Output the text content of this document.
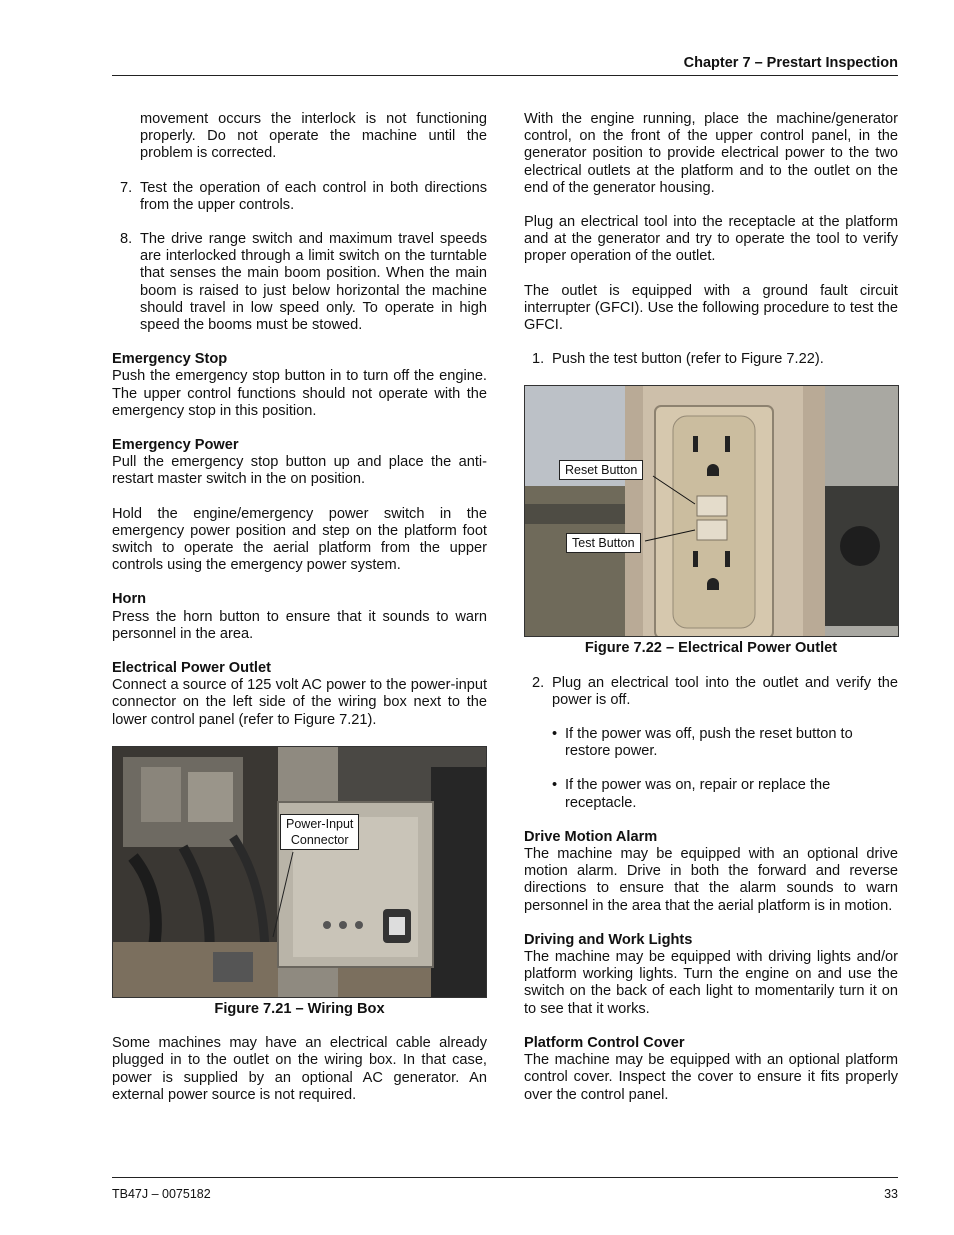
Chapter 7 – Prestart Inspection

movement occurs the interlock is not functioning properly. Do not operate the machine until the problem is corrected.

7. Test the operation of each control in both directions from the upper controls.
8. The drive range switch and maximum travel speeds are interlocked through a limit switch on the turntable that senses the main boom position. When the main boom is raised to just below horizontal the machine should travel in low speed only. To operate in high speed the booms must be stowed.
Emergency Stop

Push the emergency stop button in to turn off the engine. The upper control functions should not operate with the emergency stop in this position.

Emergency Power

Pull the emergency stop button up and place the anti-restart master switch in the on position.

Hold the engine/emergency power switch in the emergency power position and step on the platform foot switch to operate the aerial platform from the upper controls using the emergency power system.

Horn

Press the horn button to ensure that it sounds to warn personnel in the area.

Electrical Power Outlet

Connect a source of 125 volt AC power to the power-input connector on the left side of the wiring box next to the lower control panel (refer to Figure 7.21).

Power-Input
Connector
Figure 7.21 – Wiring Box

Some machines may have an electrical cable already plugged in to the outlet on the wiring box. In that case, power is supplied by an optional AC generator. An external power source is not required.

With the engine running, place the machine/generator control, on the front of the upper control panel, in the generator position to provide electrical power to the two electrical outlets at the platform and to the outlet on the end of the generator housing.

Plug an electrical tool into the receptacle at the platform and at the generator and try to operate the tool to verify proper operation of the outlet.

The outlet is equipped with a ground fault circuit interrupter (GFCI). Use the following procedure to test the GFCI.

1. Push the test button (refer to Figure 7.22).
Reset Button
Test Button
Figure 7.22 – Electrical Power Outlet
2. Plug an electrical tool into the outlet and verify the power is off.
• If the power was off, push the reset button to restore power.
• If the power was on, repair or replace the receptacle.
Drive Motion Alarm

The machine may be equipped with an optional drive motion alarm. Drive in both the forward and reverse directions to ensure that the alarm sounds to warn personnel in the area that the aerial platform is in motion.

Driving and Work Lights

The machine may be equipped with driving lights and/or platform working lights. Turn the engine on and use the switch on the back of each light to momentarily turn it on to see that it works.

Platform Control Cover

The machine may be equipped with an optional platform control cover. Inspect the cover to ensure it fits properly over the control panel.

TB47J – 0075182	33
